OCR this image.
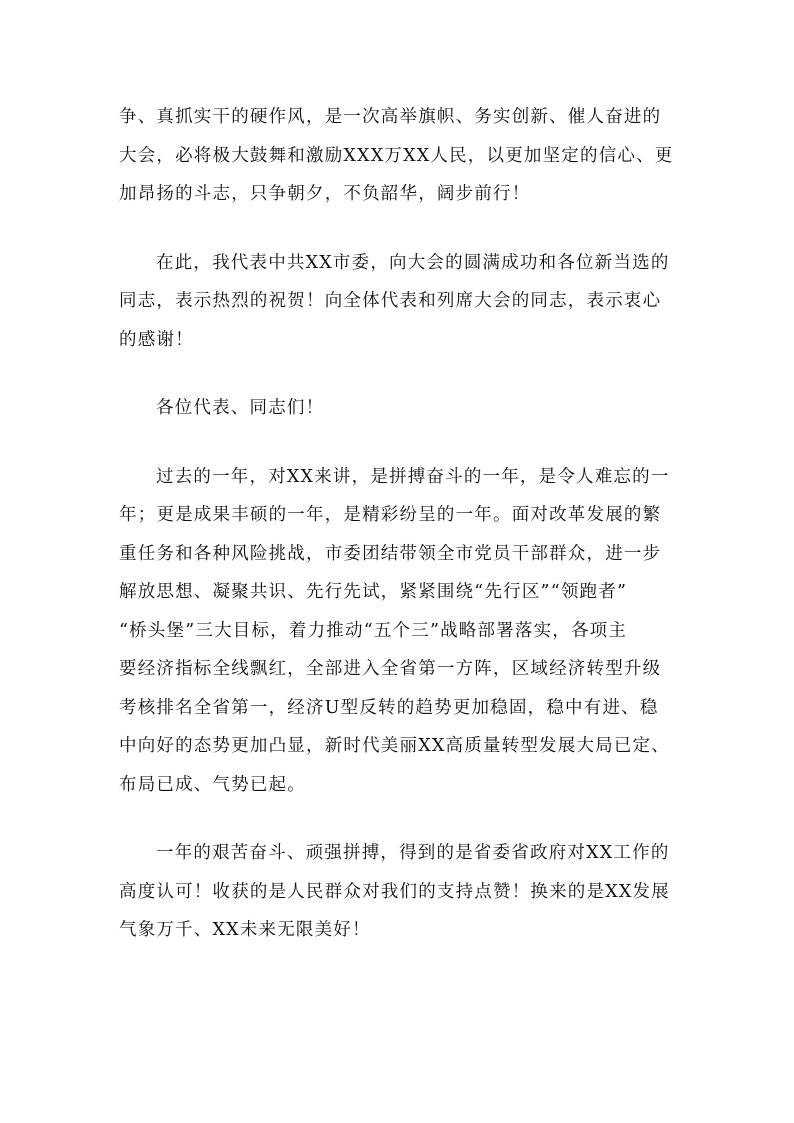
争、真抓实干的硬作风，是一次高举旗帜、务实创新、催人奋进的
大会，必将极大鼓舞和激励XXX万XX人民，以更加坚定的信心、更
加昂扬的斗志，只争朝夕，不负韶华，阔步前行！

在此，我代表中共XX市委，向大会的圆满成功和各位新当选的
同志，表示热烈的祝贺！向全体代表和列席大会的同志，表示衷心
的感谢！

各位代表、同志们！

过去的一年，对XX来讲，是拼搏奋斗的一年，是令人难忘的一
年；更是成果丰硕的一年，是精彩纷呈的一年。面对改革发展的繁
重任务和各种风险挑战，市委团结带领全市党员干部群众，进一步
解放思想、凝聚共识、先行先试，紧紧围绕“先行区”“领跑者”
“桥头堡”三大目标，着力推动“五个三”战略部署落实，各项主
要经济指标全线飘红，全部进入全省第一方阵，区域经济转型升级
考核排名全省第一，经济U型反转的趋势更加稳固，稳中有进、稳
中向好的态势更加凸显，新时代美丽XX高质量转型发展大局已定、
布局已成、气势已起。

一年的艰苦奋斗、顽强拼搏，得到的是省委省政府对XX工作的
高度认可！收获的是人民群众对我们的支持点赞！换来的是XX发展
气象万千、XX未来无限美好！
